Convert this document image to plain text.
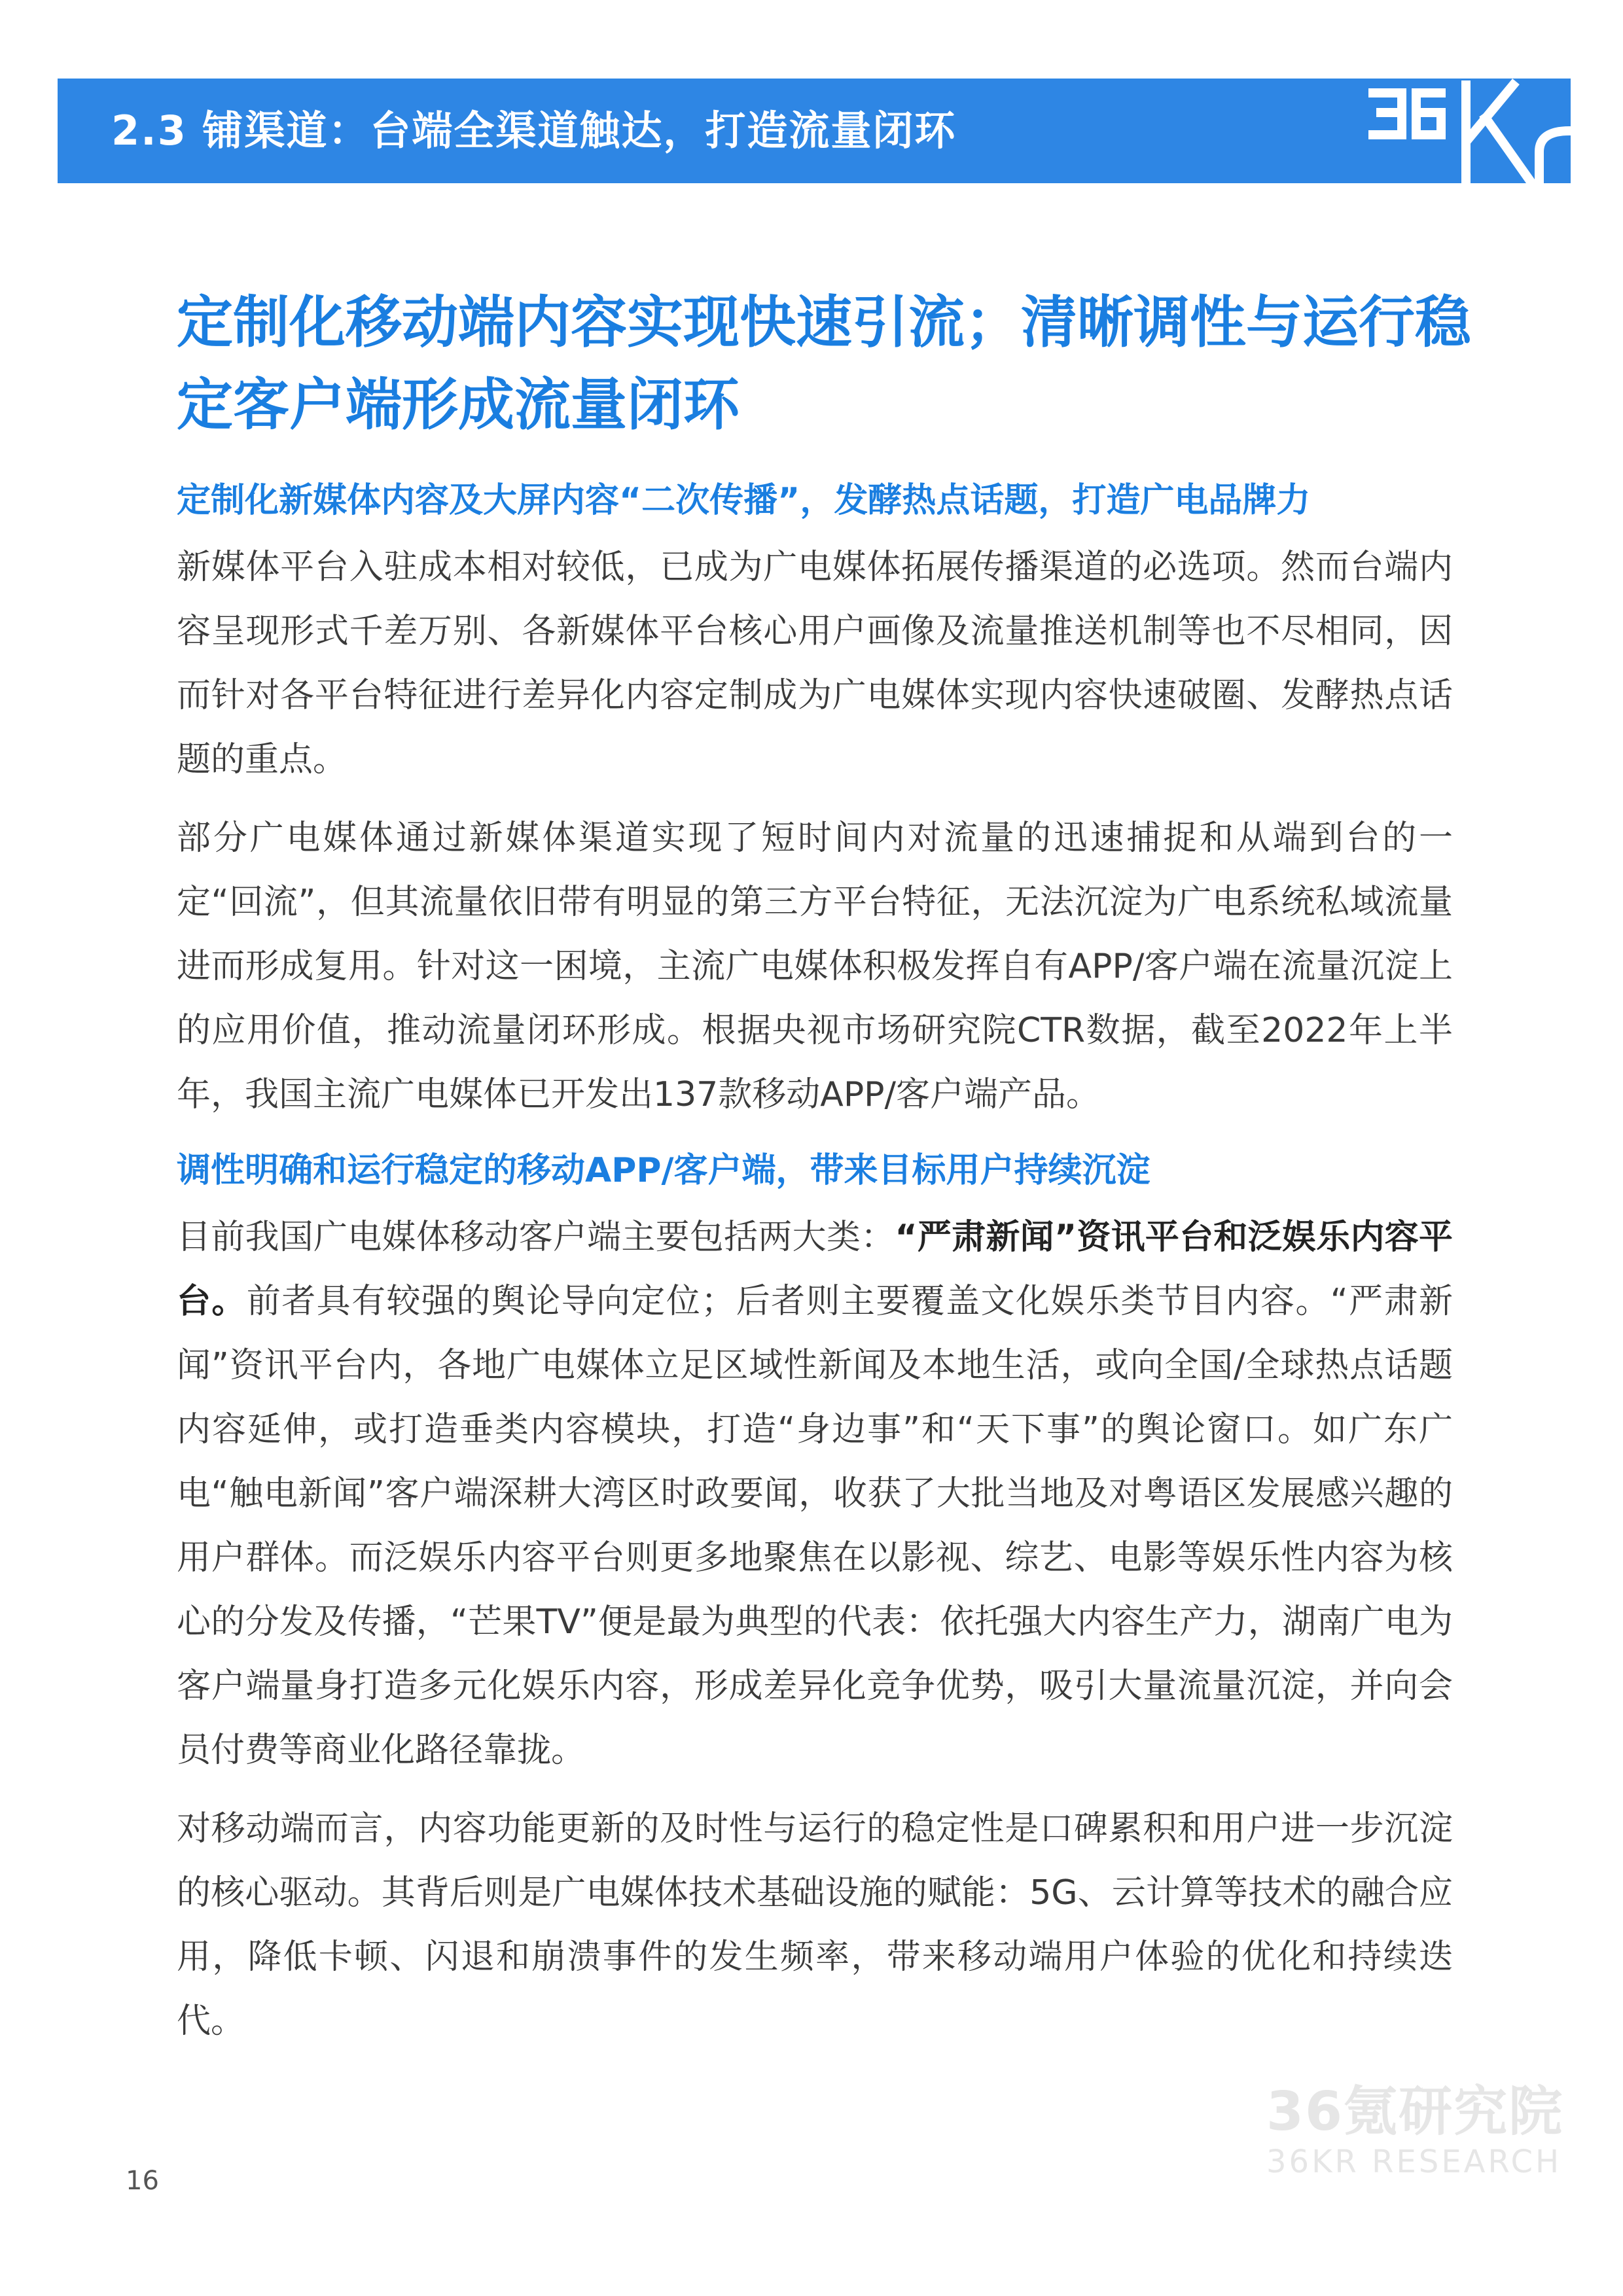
2.3 铺渠道：台端全渠道触达，打造流量闭环
定制化移动端内容实现快速引流；清晰调性与运行稳定客户端形成流量闭环
定制化新媒体内容及大屏内容“二次传播”，发酵热点话题，打造广电品牌力

新媒体平台入驻成本相对较低，已成为广电媒体拓展传播渠道的必选项。然而台端内容呈现形式千差万别、各新媒体平台核心用户画像及流量推送机制等也不尽相同，因而针对各平台特征进行差异化内容定制成为广电媒体实现内容快速破圈、发酵热点话题的重点。

部分广电媒体通过新媒体渠道实现了短时间内对流量的迅速捕捉和从端到台的一定“回流”，但其流量依旧带有明显的第三方平台特征，无法沉淀为广电系统私域流量进而形成复用。针对这一困境，主流广电媒体积极发挥自有APP/客户端在流量沉淀上的应用价值，推动流量闭环形成。根据央视市场研究院CTR数据，截至2022年上半年，我国主流广电媒体已开发出137款移动APP/客户端产品。

调性明确和运行稳定的移动APP/客户端，带来目标用户持续沉淀

目前我国广电媒体移动客户端主要包括两大类：“严肃新闻”资讯平台和泛娱乐内容平台。前者具有较强的舆论导向定位；后者则主要覆盖文化娱乐类节目内容。“严肃新闻”资讯平台内，各地广电媒体立足区域性新闻及本地生活，或向全国/全球热点话题内容延伸，或打造垂类内容模块，打造“身边事”和“天下事”的舆论窗口。如广东广电“触电新闻”客户端深耕大湾区时政要闻，收获了大批当地及对粤语区发展感兴趣的用户群体。而泛娱乐内容平台则更多地聚焦在以影视、综艺、电影等娱乐性内容为核心的分发及传播，“芒果TV”便是最为典型的代表：依托强大内容生产力，湖南广电为客户端量身打造多元化娱乐内容，形成差异化竞争优势，吸引大量流量沉淀，并向会员付费等商业化路径靠拢。

对移动端而言，内容功能更新的及时性与运行的稳定性是口碑累积和用户进一步沉淀的核心驱动。其背后则是广电媒体技术基础设施的赋能：5G、云计算等技术的融合应用，降低卡顿、闪退和崩溃事件的发生频率，带来移动端用户体验的优化和持续迭代。

36氪研究院
36KR RESEARCH
16
